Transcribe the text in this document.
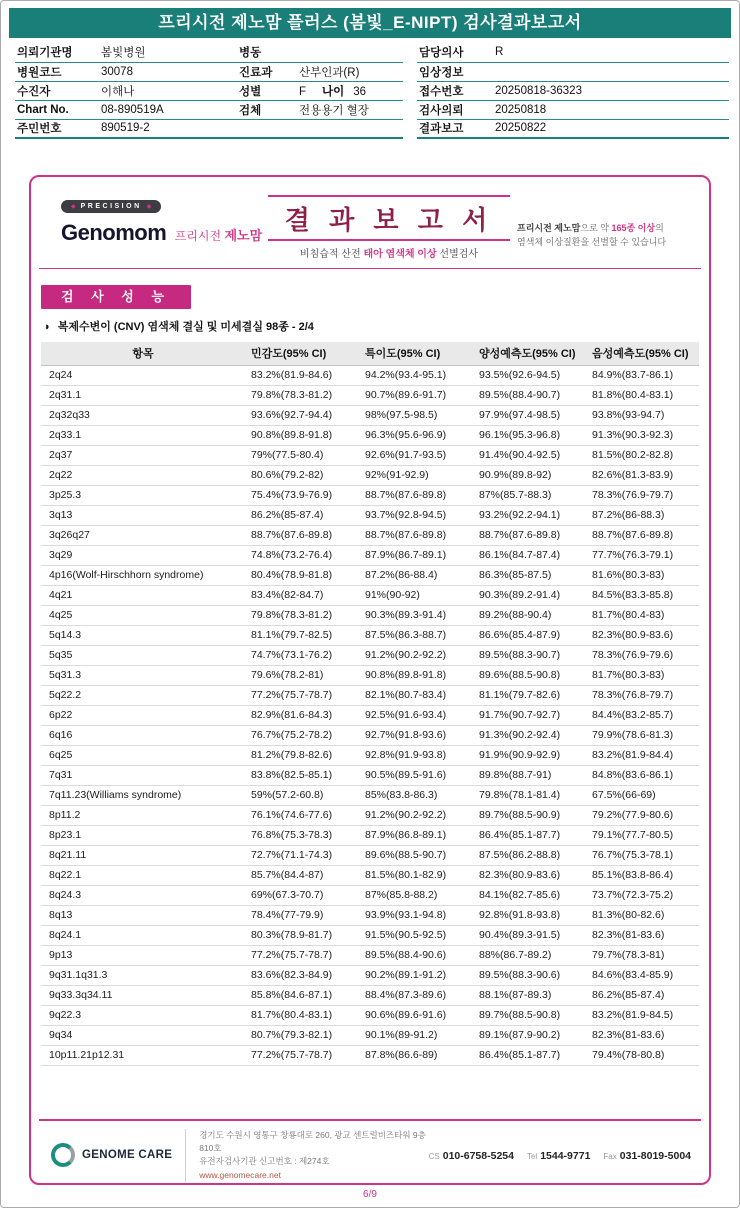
프리시전 제노맘 플러스 (봄빛_E-NIPT) 검사결과보고서
의뢰기관명	봄빛병원	병동	
병원코드	30078	진료과	산부인과(R)
수진자	이해나	성별	F 나이 36
Chart No.	08-890519A	검체	전용용기 혈장
주민번호	890519-2		
담당의사	R
임상정보	
접수번호	20250818-36323
검사의뢰	20250818
결과보고	20250822
◆ PRECISION ◆
Genomom 프리시전 제노맘
결 과 보 고 서
비침습적 산전 태아 염색체 이상 선별검사
프리시전 제노맘으로 약 165종 이상의
염색체 이상질환을 선별할 수 있습니다
검 사 성 능
◑ 복제수변이 (CNV) 염색체 결실 및 미세결실 98종 - 2/4
항목	민감도(95% CI)	특이도(95% CI)	양성예측도(95% CI)	음성예측도(95% CI)
2q24	83.2%(81.9-84.6)	94.2%(93.4-95.1)	93.5%(92.6-94.5)	84.9%(83.7-86.1)
2q31.1	79.8%(78.3-81.2)	90.7%(89.6-91.7)	89.5%(88.4-90.7)	81.8%(80.4-83.1)
2q32q33	93.6%(92.7-94.4)	98%(97.5-98.5)	97.9%(97.4-98.5)	93.8%(93-94.7)
2q33.1	90.8%(89.8-91.8)	96.3%(95.6-96.9)	96.1%(95.3-96.8)	91.3%(90.3-92.3)
2q37	79%(77.5-80.4)	92.6%(91.7-93.5)	91.4%(90.4-92.5)	81.5%(80.2-82.8)
2q22	80.6%(79.2-82)	92%(91-92.9)	90.9%(89.8-92)	82.6%(81.3-83.9)
3p25.3	75.4%(73.9-76.9)	88.7%(87.6-89.8)	87%(85.7-88.3)	78.3%(76.9-79.7)
3q13	86.2%(85-87.4)	93.7%(92.8-94.5)	93.2%(92.2-94.1)	87.2%(86-88.3)
3q26q27	88.7%(87.6-89.8)	88.7%(87.6-89.8)	88.7%(87.6-89.8)	88.7%(87.6-89.8)
3q29	74.8%(73.2-76.4)	87.9%(86.7-89.1)	86.1%(84.7-87.4)	77.7%(76.3-79.1)
4p16(Wolf-Hirschhorn syndrome)	80.4%(78.9-81.8)	87.2%(86-88.4)	86.3%(85-87.5)	81.6%(80.3-83)
4q21	83.4%(82-84.7)	91%(90-92)	90.3%(89.2-91.4)	84.5%(83.3-85.8)
4q25	79.8%(78.3-81.2)	90.3%(89.3-91.4)	89.2%(88-90.4)	81.7%(80.4-83)
5q14.3	81.1%(79.7-82.5)	87.5%(86.3-88.7)	86.6%(85.4-87.9)	82.3%(80.9-83.6)
5q35	74.7%(73.1-76.2)	91.2%(90.2-92.2)	89.5%(88.3-90.7)	78.3%(76.9-79.6)
5q31.3	79.6%(78.2-81)	90.8%(89.8-91.8)	89.6%(88.5-90.8)	81.7%(80.3-83)
5q22.2	77.2%(75.7-78.7)	82.1%(80.7-83.4)	81.1%(79.7-82.6)	78.3%(76.8-79.7)
6p22	82.9%(81.6-84.3)	92.5%(91.6-93.4)	91.7%(90.7-92.7)	84.4%(83.2-85.7)
6q16	76.7%(75.2-78.2)	92.7%(91.8-93.6)	91.3%(90.2-92.4)	79.9%(78.6-81.3)
6q25	81.2%(79.8-82.6)	92.8%(91.9-93.8)	91.9%(90.9-92.9)	83.2%(81.9-84.4)
7q31	83.8%(82.5-85.1)	90.5%(89.5-91.6)	89.8%(88.7-91)	84.8%(83.6-86.1)
7q11.23(Williams syndrome)	59%(57.2-60.8)	85%(83.8-86.3)	79.8%(78.1-81.4)	67.5%(66-69)
8p11.2	76.1%(74.6-77.6)	91.2%(90.2-92.2)	89.7%(88.5-90.9)	79.2%(77.9-80.6)
8p23.1	76.8%(75.3-78.3)	87.9%(86.8-89.1)	86.4%(85.1-87.7)	79.1%(77.7-80.5)
8q21.11	72.7%(71.1-74.3)	89.6%(88.5-90.7)	87.5%(86.2-88.8)	76.7%(75.3-78.1)
8q22.1	85.7%(84.4-87)	81.5%(80.1-82.9)	82.3%(80.9-83.6)	85.1%(83.8-86.4)
8q24.3	69%(67.3-70.7)	87%(85.8-88.2)	84.1%(82.7-85.6)	73.7%(72.3-75.2)
8q13	78.4%(77-79.9)	93.9%(93.1-94.8)	92.8%(91.8-93.8)	81.3%(80-82.6)
8q24.1	80.3%(78.9-81.7)	91.5%(90.5-92.5)	90.4%(89.3-91.5)	82.3%(81-83.6)
9p13	77.2%(75.7-78.7)	89.5%(88.4-90.6)	88%(86.7-89.2)	79.7%(78.3-81)
9q31.1q31.3	83.6%(82.3-84.9)	90.2%(89.1-91.2)	89.5%(88.3-90.6)	84.6%(83.4-85.9)
9q33.3q34.11	85.8%(84.6-87.1)	88.4%(87.3-89.6)	88.1%(87-89.3)	86.2%(85-87.4)
9q22.3	81.7%(80.4-83.1)	90.6%(89.6-91.6)	89.7%(88.5-90.8)	83.2%(81.9-84.5)
9q34	80.7%(79.3-82.1)	90.1%(89-91.2)	89.1%(87.9-90.2)	82.3%(81-83.6)
10p11.21p12.31	77.2%(75.7-78.7)	87.8%(86.6-89)	86.4%(85.1-87.7)	79.4%(78-80.8)
GENOME CARE
경기도 수원시 영통구 창룡대로 260, 광교 센트럴비즈타워 9층 810호
유전자검사기관 신고번호 : 제274호
www.genomecare.net
CS 010-6758-5254 Tel 1544-9771 Fax 031-8019-5004
6/9
